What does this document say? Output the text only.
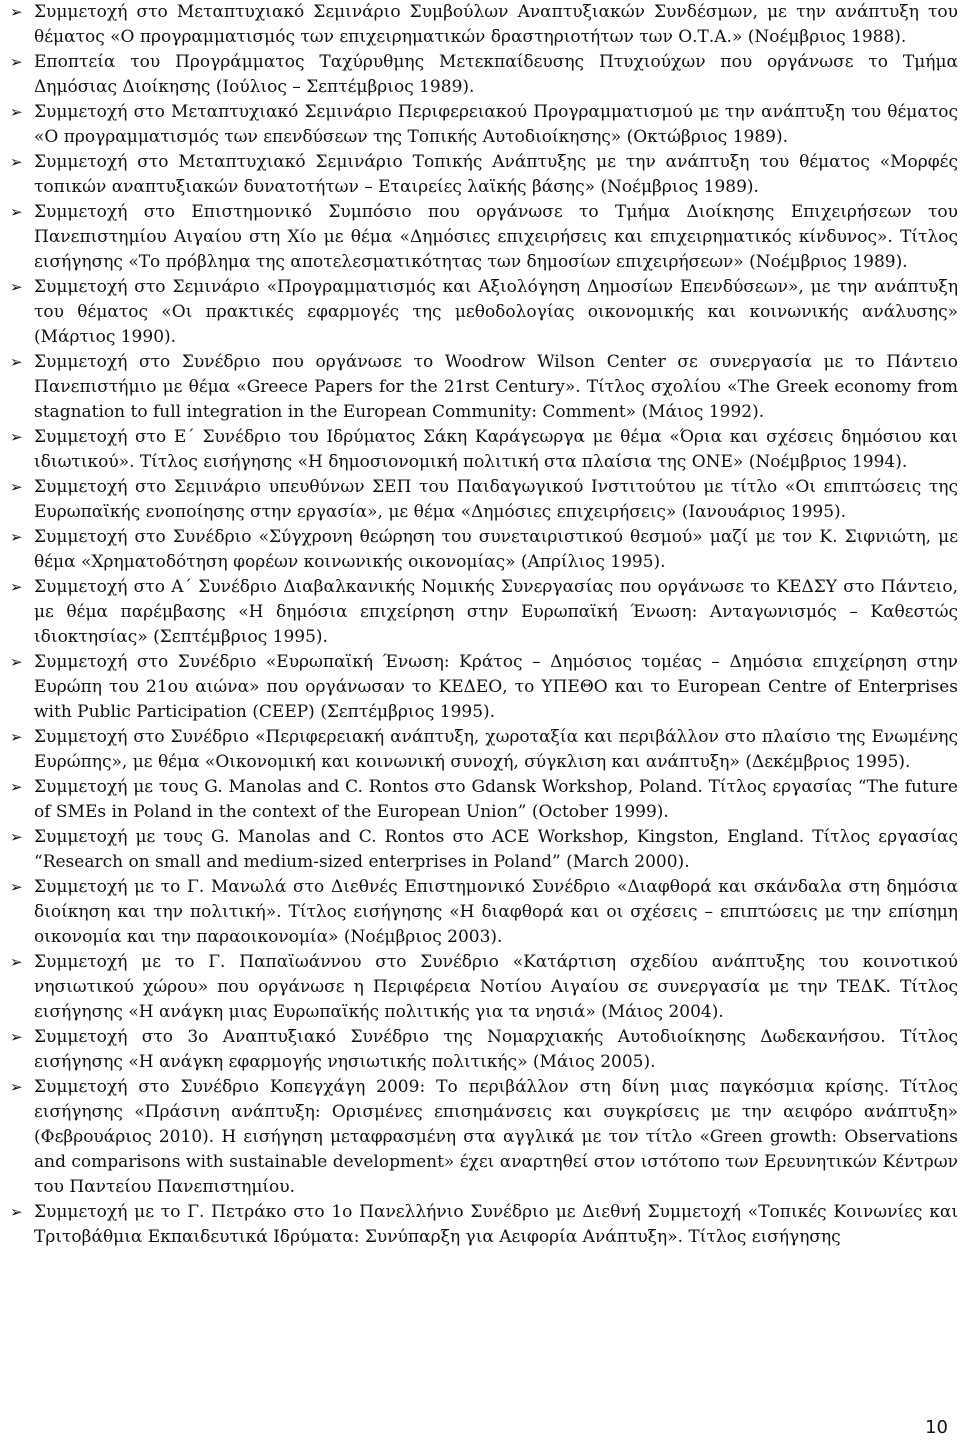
➢ Συμμετοχή στο Μεταπτυχιακό Σεμινάριο Συμβούλων Αναπτυξιακών Συνδέσμων, με την ανάπτυξη του θέματος «Ο προγραμματισμός των επιχειρηματικών δραστηριοτήτων των Ο.Τ.Α.» (Νοέμβριος 1988).
➢ Εποπτεία του Προγράμματος Ταχύρυθμης Μετεκπαίδευσης Πτυχιούχων που οργάνωσε το Τμήμα Δημόσιας Διοίκησης (Ιούλιος – Σεπτέμβριος 1989).
➢ Συμμετοχή στο Μεταπτυχιακό Σεμινάριο Περιφερειακού Προγραμματισμού με την ανάπτυξη του θέματος «Ο προγραμματισμός των επενδύσεων της Τοπικής Αυτοδιοίκησης» (Οκτώβριος 1989).
➢ Συμμετοχή στο Μεταπτυχιακό Σεμινάριο Τοπικής Ανάπτυξης με την ανάπτυξη του θέματος «Μορφές τοπικών αναπτυξιακών δυνατοτήτων – Εταιρείες λαϊκής βάσης» (Νοέμβριος 1989).
➢ Συμμετοχή στο Επιστημονικό Συμπόσιο που οργάνωσε το Τμήμα Διοίκησης Επιχειρήσεων του Πανεπιστημίου Αιγαίου στη Χίο με θέμα «Δημόσιες επιχειρήσεις και επιχειρηματικός κίνδυνος». Τίτλος εισήγησης «Το πρόβλημα της αποτελεσματικότητας των δημοσίων επιχειρήσεων» (Νοέμβριος 1989).
➢ Συμμετοχή στο Σεμινάριο «Προγραμματισμός και Αξιολόγηση Δημοσίων Επενδύσεων», με την ανάπτυξη του θέματος «Οι πρακτικές εφαρμογές της μεθοδολογίας οικονομικής και κοινωνικής ανάλυσης» (Μάρτιος 1990).
➢ Συμμετοχή στο Συνέδριο που οργάνωσε το Woodrow Wilson Center σε συνεργασία με το Πάντειο Πανεπιστήμιο με θέμα «Greece Papers for the 21rst Century». Τίτλος σχολίου «The Greek economy from stagnation to full integration in the European Community: Comment» (Μάιος 1992).
➢ Συμμετοχή στο Ε΄ Συνέδριο του Ιδρύματος Σάκη Καράγεωργα με θέμα «Όρια και σχέσεις δημόσιου και ιδιωτικού». Τίτλος εισήγησης «Η δημοσιονομική πολιτική στα πλαίσια της ΟΝΕ» (Νοέμβριος 1994).
➢ Συμμετοχή στο Σεμινάριο υπευθύνων ΣΕΠ του Παιδαγωγικού Ινστιτούτου με τίτλο «Οι επιπτώσεις της Ευρωπαϊκής ενοποίησης στην εργασία», με θέμα «Δημόσιες επιχειρήσεις» (Ιανουάριος 1995).
➢ Συμμετοχή στο Συνέδριο «Σύγχρονη θεώρηση του συνεταιριστικού θεσμού» μαζί με τον Κ. Σιφνιώτη, με θέμα «Χρηματοδότηση φορέων κοινωνικής οικονομίας» (Απρίλιος 1995).
➢ Συμμετοχή στο Α΄ Συνέδριο Διαβαλκανικής Νομικής Συνεργασίας που οργάνωσε το ΚΕΔΣΥ στο Πάντειο, με θέμα παρέμβασης «Η δημόσια επιχείρηση στην Ευρωπαϊκή Ένωση: Ανταγωνισμός – Καθεστώς ιδιοκτησίας» (Σεπτέμβριος 1995).
➢ Συμμετοχή στο Συνέδριο «Ευρωπαϊκή Ένωση: Κράτος – Δημόσιος τομέας – Δημόσια επιχείρηση στην Ευρώπη του 21ου αιώνα» που οργάνωσαν το ΚΕΔΕΟ, το ΥΠΕΘΟ και το European Centre of Enterprises with Public Participation (CEEP) (Σεπτέμβριος 1995).
➢ Συμμετοχή στο Συνέδριο «Περιφερειακή ανάπτυξη, χωροταξία και περιβάλλον στο πλαίσιο της Ενωμένης Ευρώπης», με θέμα «Οικονομική και κοινωνική συνοχή, σύγκλιση και ανάπτυξη» (Δεκέμβριος 1995).
➢ Συμμετοχή με τους G. Manolas and C. Rontos στο Gdansk Workshop, Poland. Τίτλος εργασίας “The future of SMEs in Poland in the context of the European Union” (October 1999).
➢ Συμμετοχή με τους G. Manolas and C. Rontos στο ACE Workshop, Kingston, England. Τίτλος εργασίας “Research on small and medium-sized enterprises in Poland” (March 2000).
➢ Συμμετοχή με το Γ. Μανωλά στο Διεθνές Επιστημονικό Συνέδριο «Διαφθορά και σκάνδαλα στη δημόσια διοίκηση και την πολιτική». Τίτλος εισήγησης «Η διαφθορά και οι σχέσεις – επιπτώσεις με την επίσημη οικονομία και την παραοικονομία» (Νοέμβριος 2003).
➢ Συμμετοχή με το Γ. Παπαϊωάννου στο Συνέδριο «Κατάρτιση σχεδίου ανάπτυξης του κοινοτικού νησιωτικού χώρου» που οργάνωσε η Περιφέρεια Νοτίου Αιγαίου σε συνεργασία με την ΤΕΔΚ. Τίτλος εισήγησης «Η ανάγκη μιας Ευρωπαϊκής πολιτικής για τα νησιά» (Μάιος 2004).
➢ Συμμετοχή στο 3ο Αναπτυξιακό Συνέδριο της Νομαρχιακής Αυτοδιοίκησης Δωδεκανήσου. Τίτλος εισήγησης «Η ανάγκη εφαρμογής νησιωτικής πολιτικής» (Μάιος 2005).
➢ Συμμετοχή στο Συνέδριο Κοπεγχάγη 2009: Το περιβάλλον στη δίνη μιας παγκόσμια κρίσης. Τίτλος εισήγησης «Πράσινη ανάπτυξη: Ορισμένες επισημάνσεις και συγκρίσεις με την αειφόρο ανάπτυξη» (Φεβρουάριος 2010). Η εισήγηση μεταφρασμένη στα αγγλικά με τον τίτλο «Green growth: Observations and comparisons with sustainable development» έχει αναρτηθεί στον ιστότοπο των Ερευνητικών Κέντρων του Παντείου Πανεπιστημίου.
➢ Συμμετοχή με το Γ. Πετράκο στο 1ο Πανελλήνιο Συνέδριο με Διεθνή Συμμετοχή «Τοπικές Κοινωνίες και Τριτοβάθμια Εκπαιδευτικά Ιδρύματα: Συνύπαρξη για Αειφορία Ανάπτυξη». Τίτλος εισήγησης
10
